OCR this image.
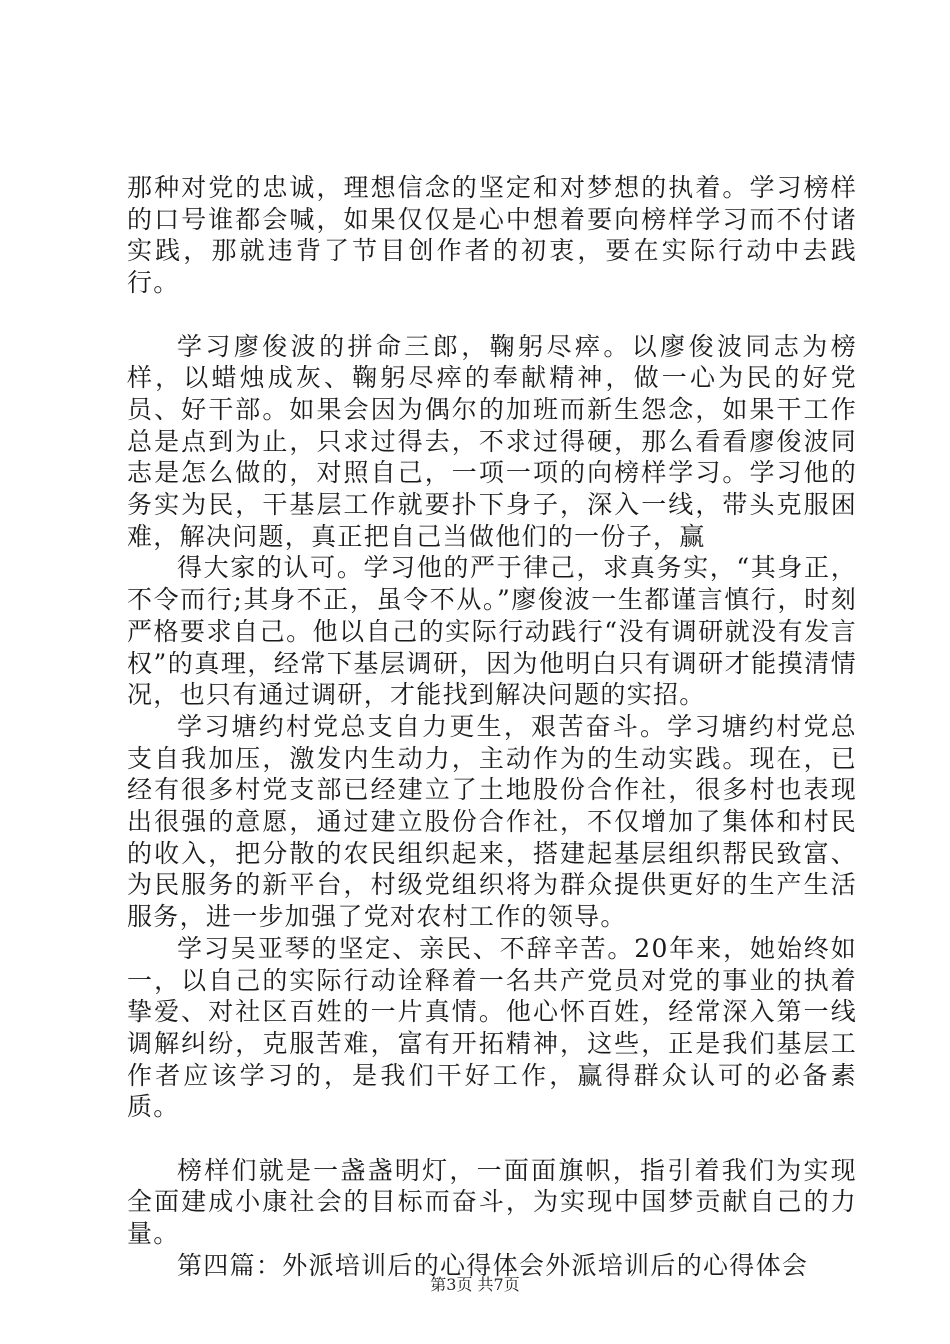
那种对党的忠诚，理想信念的坚定和对梦想的执着。学习榜样的口号谁都会喊，如果仅仅是心中想着要向榜样学习而不付诸实践，那就违背了节目创作者的初衷，要在实际行动中去践行。

学习廖俊波的拼命三郎，鞠躬尽瘁。以廖俊波同志为榜样，以蜡烛成灰、鞠躬尽瘁的奉献精神，做一心为民的好党员、好干部。如果会因为偶尔的加班而新生怨念，如果干工作总是点到为止，只求过得去，不求过得硬，那么看看廖俊波同志是怎么做的，对照自己，一项一项的向榜样学习。学习他的务实为民，干基层工作就要扑下身子，深入一线，带头克服困难，解决问题，真正把自己当做他们的一份子，赢

得大家的认可。学习他的严于律己，求真务实，“其身正，不令而行;其身不正，虽令不从。”廖俊波一生都谨言慎行，时刻严格要求自己。他以自己的实际行动践行“没有调研就没有发言权”的真理，经常下基层调研，因为他明白只有调研才能摸清情况，也只有通过调研，才能找到解决问题的实招。

学习塘约村党总支自力更生，艰苦奋斗。学习塘约村党总支自我加压，激发内生动力，主动作为的生动实践。现在，已经有很多村党支部已经建立了土地股份合作社，很多村也表现出很强的意愿，通过建立股份合作社，不仅增加了集体和村民的收入，把分散的农民组织起来，搭建起基层组织帮民致富、为民服务的新平台，村级党组织将为群众提供更好的生产生活服务，进一步加强了党对农村工作的领导。

学习吴亚琴的坚定、亲民、不辞辛苦。20年来，她始终如一，以自己的实际行动诠释着一名共产党员对党的事业的执着挚爱、对社区百姓的一片真情。他心怀百姓，经常深入第一线调解纠纷，克服苦难，富有开拓精神，这些，正是我们基层工作者应该学习的，是我们干好工作，赢得群众认可的必备素质。

榜样们就是一盏盏明灯，一面面旗帜，指引着我们为实现全面建成小康社会的目标而奋斗，为实现中国梦贡献自己的力量。

第四篇：外派培训后的心得体会外派培训后的心得体会

第3页 共7页
